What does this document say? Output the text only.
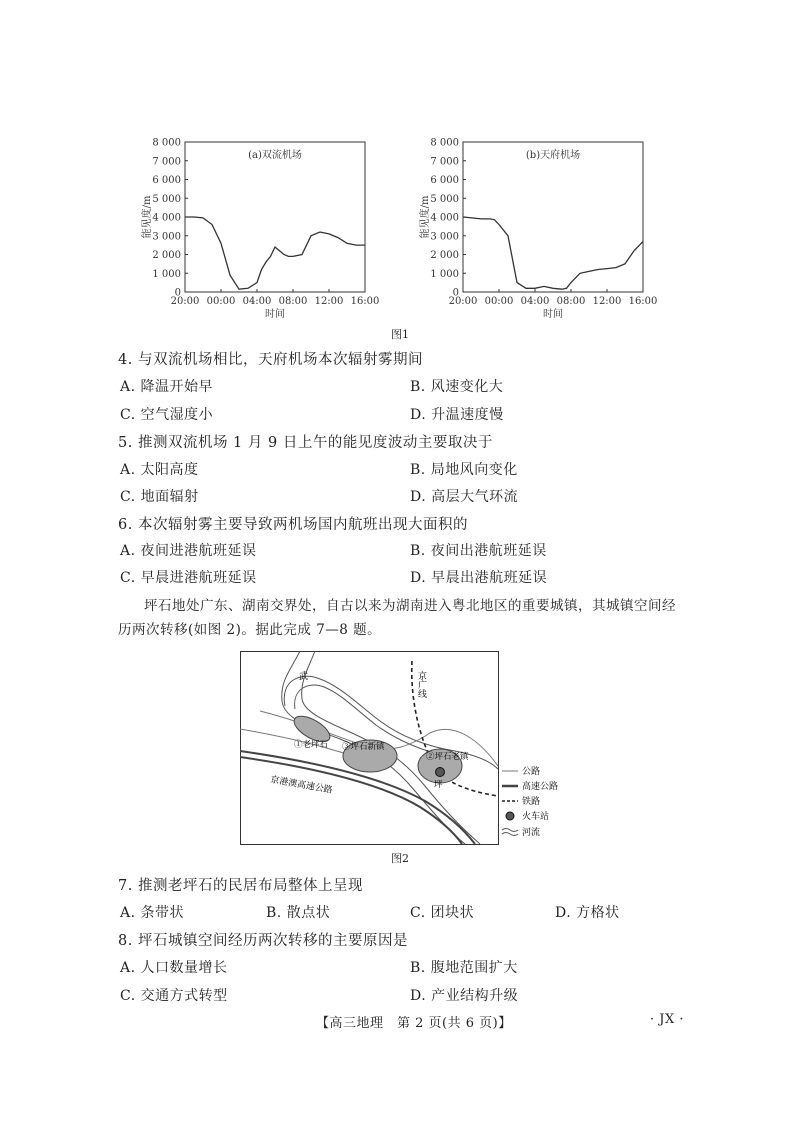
0
1 000
2 000
3 000
4 000
5 000
6 000
7 000
8 000
20:00 00:00 04:00 08:00 12:00 16:00
时间
能见度/m
(a)双流机场
0
1 000
2 000
3 000
4 000
5 000
6 000
7 000
8 000
20:00 00:00 04:00 08:00 12:00 16:00
时间
能见度/m
(b)天府机场
图1
4. 与双流机场相比，天府机场本次辐射雾期间
A. 降温开始早	B. 风速变化大
C. 空气湿度小	D. 升温速度慢
5. 推测双流机场 1 月 9 日上午的能见度波动主要取决于
A. 太阳高度	B. 局地风向变化
C. 地面辐射	D. 高层大气环流
6. 本次辐射雾主要导致两机场国内航班出现大面积的
A. 夜间进港航班延误	B. 夜间出港航班延误
C. 早晨进港航班延误	D. 早晨出港航班延误
坪石地处广东、湖南交界处，自古以来为湖南进入粤北地区的重要城镇，其城镇空间经历两次转移(如图 2)。据此完成 7—8 题。
武	京广线
京港澳高速公路
①老坪石 ③坪石新镇
②坪石老镇
坪
公路
高速公路
铁路
火车站
河流
图2
7. 推测老坪石的民居布局整体上呈现
A. 条带状	B. 散点状	C. 团块状	D. 方格状
8. 坪石城镇空间经历两次转移的主要原因是
A. 人口数量增长	B. 腹地范围扩大
C. 交通方式转型	D. 产业结构升级
【高三地理　第 2 页(共 6 页)】	· JX ·
